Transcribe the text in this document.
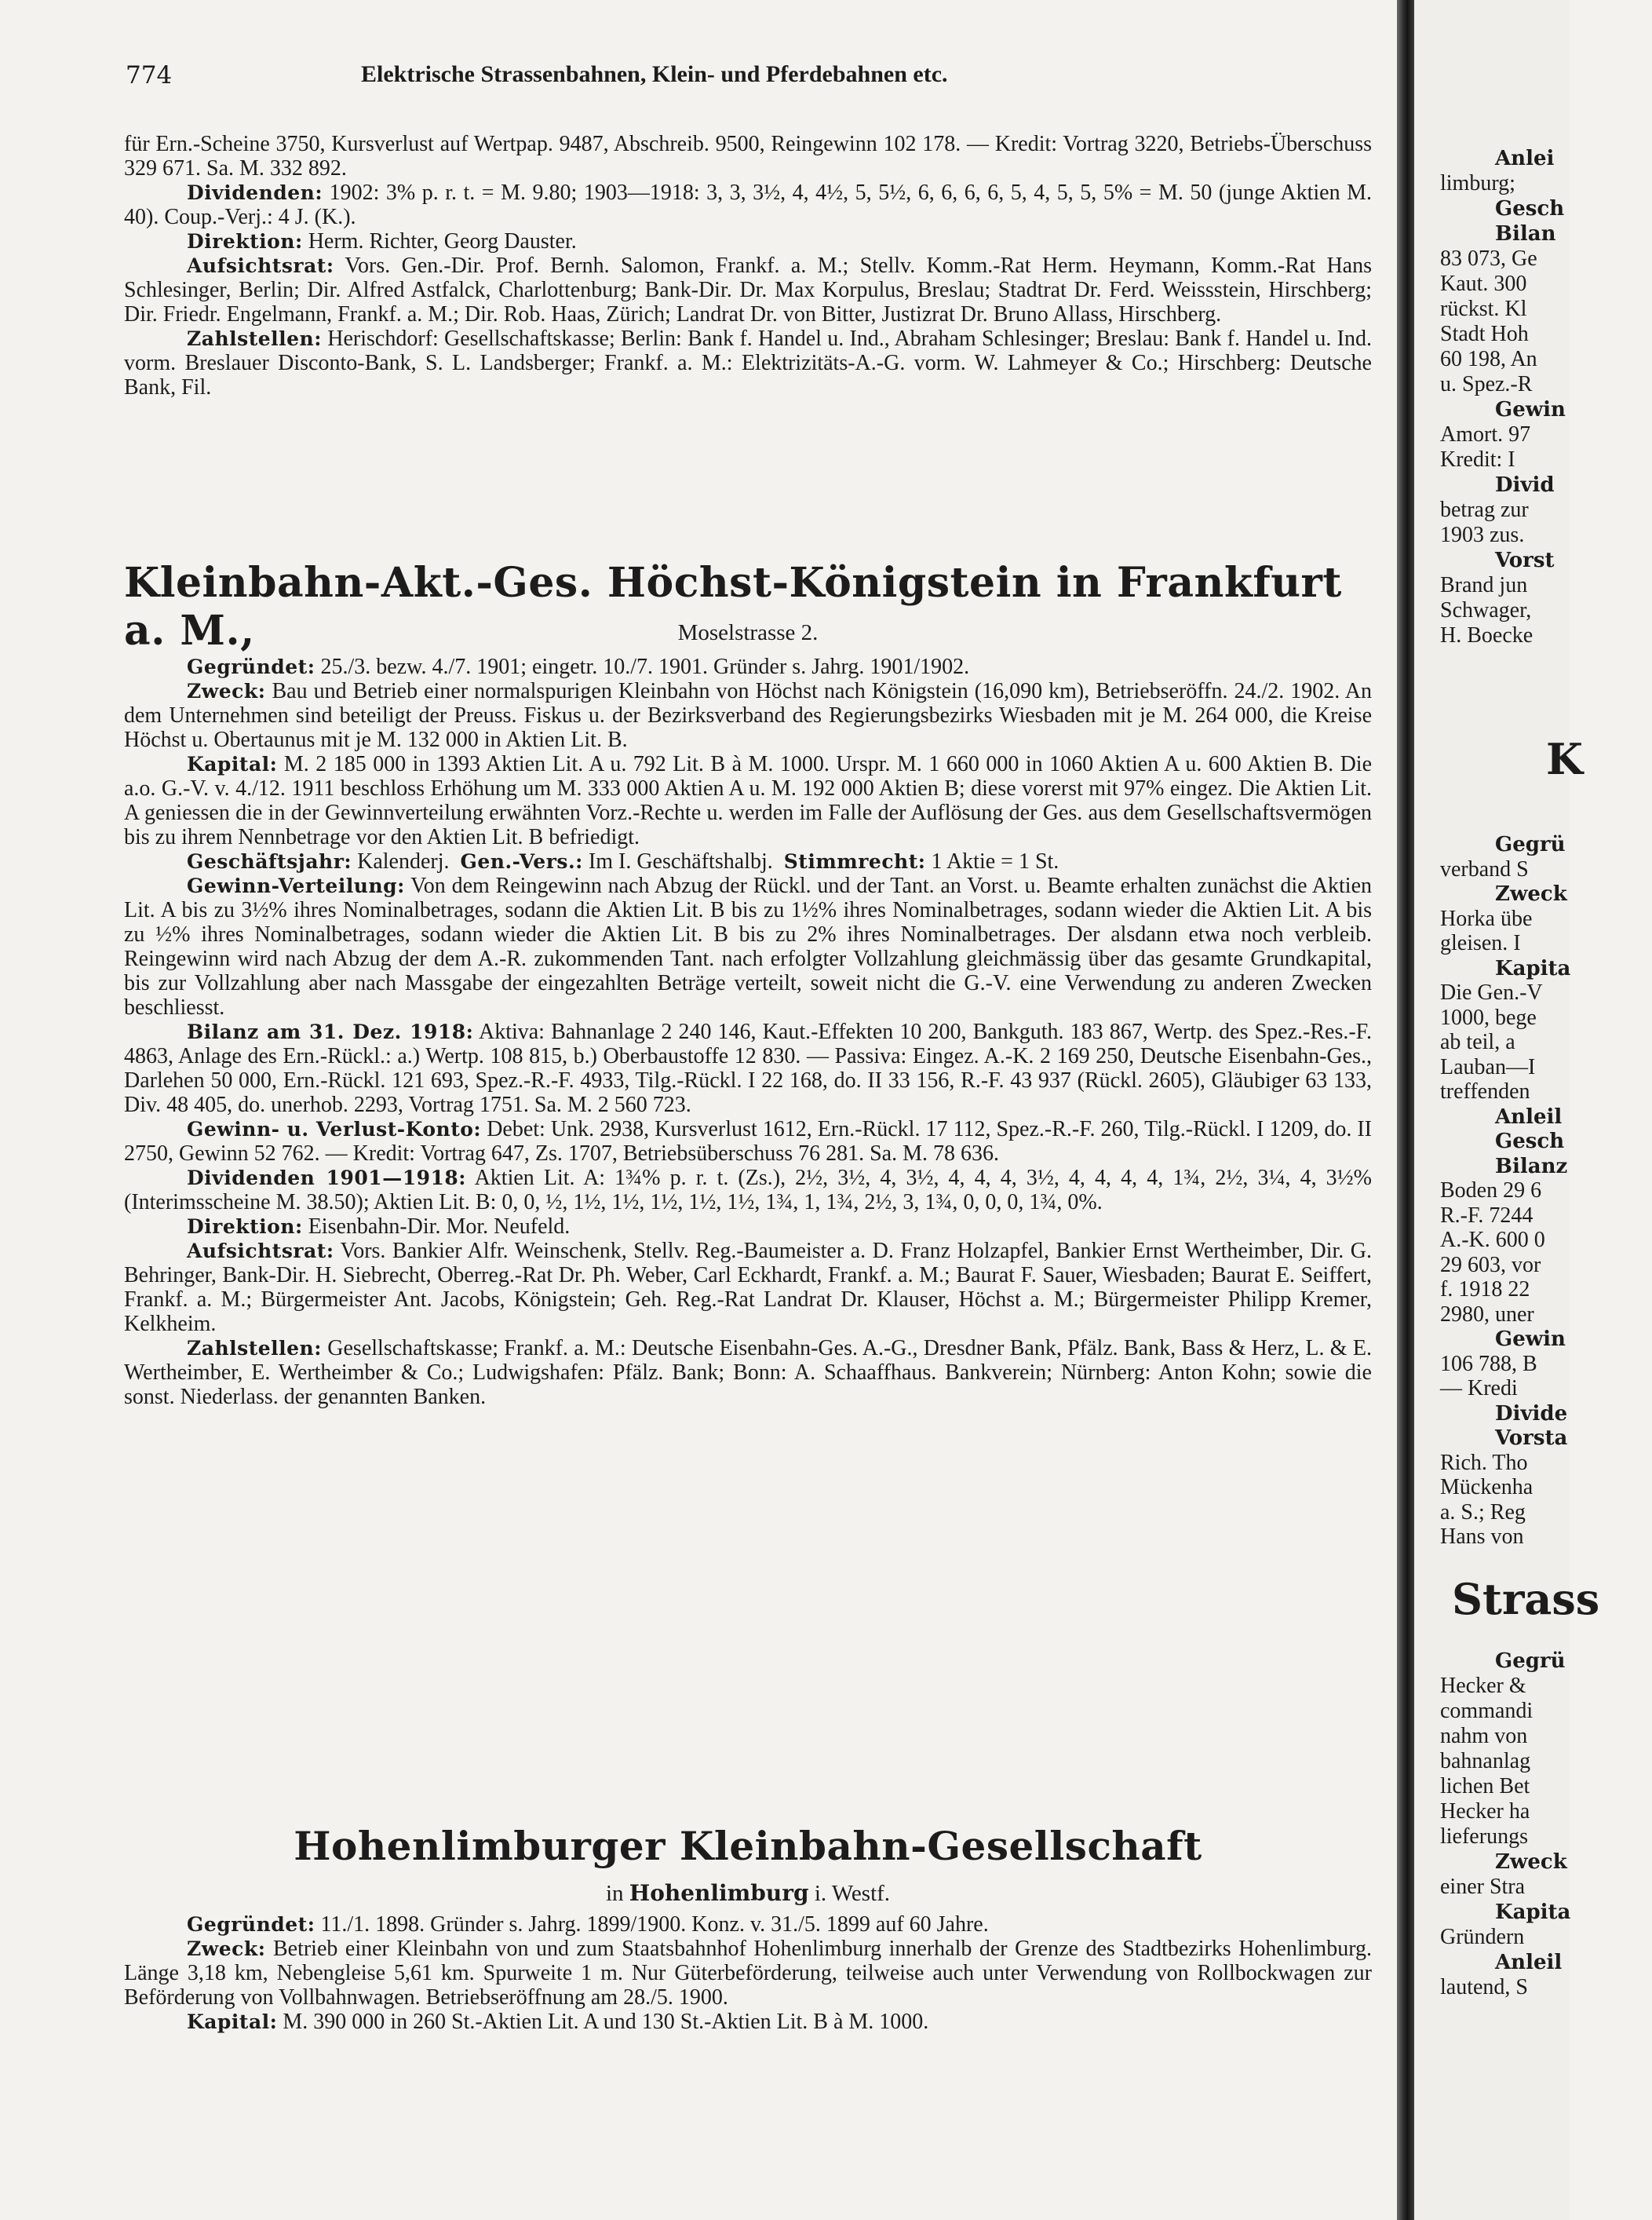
774	Elektrische Strassenbahnen, Klein- und Pferdebahnen etc.

für Ern.-Scheine 3750, Kursverlust auf Wertpap. 9487, Abschreib. 9500, Reingewinn 102 178. — Kredit: Vortrag 3220, Betriebs-Überschuss 329 671. Sa. M. 332 892.

Dividenden: 1902: 3% p. r. t. = M. 9.80; 1903—1918: 3, 3, 3½, 4, 4½, 5, 5½, 6, 6, 6, 6, 5, 4, 5, 5, 5% = M. 50 (junge Aktien M. 40). Coup.-Verj.: 4 J. (K.).

Direktion: Herm. Richter, Georg Dauster.

Aufsichtsrat: Vors. Gen.-Dir. Prof. Bernh. Salomon, Frankf. a. M.; Stellv. Komm.-Rat Herm. Heymann, Komm.-Rat Hans Schlesinger, Berlin; Dir. Alfred Astfalck, Charlottenburg; Bank-Dir. Dr. Max Korpulus, Breslau; Stadtrat Dr. Ferd. Weissstein, Hirschberg; Dir. Friedr. Engelmann, Frankf. a. M.; Dir. Rob. Haas, Zürich; Landrat Dr. von Bitter, Justizrat Dr. Bruno Allass, Hirschberg.

Zahlstellen: Herischdorf: Gesellschaftskasse; Berlin: Bank f. Handel u. Ind., Abraham Schlesinger; Breslau: Bank f. Handel u. Ind. vorm. Breslauer Disconto-Bank, S. L. Landsberger; Frankf. a. M.: Elektrizitäts-A.-G. vorm. W. Lahmeyer & Co.; Hirschberg: Deutsche Bank, Fil.

Kleinbahn-Akt.-Ges. Höchst-Königstein in Frankfurt a. M.,	Moselstrasse 2.

Gegründet: 25./3. bezw. 4./7. 1901; eingetr. 10./7. 1901. Gründer s. Jahrg. 1901/1902.

Zweck: Bau und Betrieb einer normalspurigen Kleinbahn von Höchst nach Königstein (16,090 km), Betriebseröffn. 24./2. 1902. An dem Unternehmen sind beteiligt der Preuss. Fiskus u. der Bezirksverband des Regierungsbezirks Wiesbaden mit je M. 264 000, die Kreise Höchst u. Obertaunus mit je M. 132 000 in Aktien Lit. B.

Kapital: M. 2 185 000 in 1393 Aktien Lit. A u. 792 Lit. B à M. 1000. Urspr. M. 1 660 000 in 1060 Aktien A u. 600 Aktien B. Die a.o. G.-V. v. 4./12. 1911 beschloss Erhöhung um M. 333 000 Aktien A u. M. 192 000 Aktien B; diese vorerst mit 97% eingez. Die Aktien Lit. A geniessen die in der Gewinnverteilung erwähnten Vorz.-Rechte u. werden im Falle der Auflösung der Ges. aus dem Gesellschaftsvermögen bis zu ihrem Nennbetrage vor den Aktien Lit. B befriedigt.

Geschäftsjahr: Kalenderj. Gen.-Vers.: Im I. Geschäftshalbj. Stimmrecht: 1 Aktie = 1 St.

Gewinn-Verteilung: Von dem Reingewinn nach Abzug der Rückl. und der Tant. an Vorst. u. Beamte erhalten zunächst die Aktien Lit. A bis zu 3½% ihres Nominalbetrages, sodann die Aktien Lit. B bis zu 1½% ihres Nominalbetrages, sodann wieder die Aktien Lit. A bis zu ½% ihres Nominalbetrages, sodann wieder die Aktien Lit. B bis zu 2% ihres Nominalbetrages. Der alsdann etwa noch verbleib. Reingewinn wird nach Abzug der dem A.-R. zukommenden Tant. nach erfolgter Vollzahlung gleichmässig über das gesamte Grundkapital, bis zur Vollzahlung aber nach Massgabe der eingezahlten Beträge verteilt, soweit nicht die G.-V. eine Verwendung zu anderen Zwecken beschliesst.

Bilanz am 31. Dez. 1918: Aktiva: Bahnanlage 2 240 146, Kaut.-Effekten 10 200, Bankguth. 183 867, Wertp. des Spez.-Res.-F. 4863, Anlage des Ern.-Rückl.: a.) Wertp. 108 815, b.) Oberbaustoffe 12 830. — Passiva: Eingez. A.-K. 2 169 250, Deutsche Eisenbahn-Ges., Darlehen 50 000, Ern.-Rückl. 121 693, Spez.-R.-F. 4933, Tilg.-Rückl. I 22 168, do. II 33 156, R.-F. 43 937 (Rückl. 2605), Gläubiger 63 133, Div. 48 405, do. unerhob. 2293, Vortrag 1751. Sa. M. 2 560 723.

Gewinn- u. Verlust-Konto: Debet: Unk. 2938, Kursverlust 1612, Ern.-Rückl. 17 112, Spez.-R.-F. 260, Tilg.-Rückl. I 1209, do. II 2750, Gewinn 52 762. — Kredit: Vortrag 647, Zs. 1707, Betriebsüberschuss 76 281. Sa. M. 78 636.

Dividenden 1901—1918: Aktien Lit. A: 1¾% p. r. t. (Zs.), 2½, 3½, 4, 3½, 4, 4, 4, 3½, 4, 4, 4, 4, 1¾, 2½, 3¼, 4, 3½% (Interimsscheine M. 38.50); Aktien Lit. B: 0, 0, ½, 1½, 1½, 1½, 1½, 1½, 1¾, 1, 1¾, 2½, 3, 1¾, 0, 0, 0, 1¾, 0%.

Direktion: Eisenbahn-Dir. Mor. Neufeld.

Aufsichtsrat: Vors. Bankier Alfr. Weinschenk, Stellv. Reg.-Baumeister a. D. Franz Holzapfel, Bankier Ernst Wertheimber, Dir. G. Behringer, Bank-Dir. H. Siebrecht, Oberreg.-Rat Dr. Ph. Weber, Carl Eckhardt, Frankf. a. M.; Baurat F. Sauer, Wiesbaden; Baurat E. Seiffert, Frankf. a. M.; Bürgermeister Ant. Jacobs, Königstein; Geh. Reg.-Rat Landrat Dr. Klauser, Höchst a. M.; Bürgermeister Philipp Kremer, Kelkheim.

Zahlstellen: Gesellschaftskasse; Frankf. a. M.: Deutsche Eisenbahn-Ges. A.-G., Dresdner Bank, Pfälz. Bank, Bass & Herz, L. & E. Wertheimber, E. Wertheimber & Co.; Ludwigshafen: Pfälz. Bank; Bonn: A. Schaaffhaus. Bankverein; Nürnberg: Anton Kohn; sowie die sonst. Niederlass. der genannten Banken.

Hohenlimburger Kleinbahn-Gesellschaft
in Hohenlimburg i. Westf.

Gegründet: 11./1. 1898. Gründer s. Jahrg. 1899/1900. Konz. v. 31./5. 1899 auf 60 Jahre.

Zweck: Betrieb einer Kleinbahn von und zum Staatsbahnhof Hohenlimburg innerhalb der Grenze des Stadtbezirks Hohenlimburg. Länge 3,18 km, Nebengleise 5,61 km. Spurweite 1 m. Nur Güterbeförderung, teilweise auch unter Verwendung von Rollbockwagen zur Beförderung von Vollbahnwagen. Betriebseröffnung am 28./5. 1900.

Kapital: M. 390 000 in 260 St.-Aktien Lit. A und 130 St.-Aktien Lit. B à M. 1000.

Anlei
limburg;
Gesch
Bilan
83 073, Ge
Kaut. 300
rückst. Kl
Stadt Hoh
60 198, An
u. Spez.-R
Gewin
Amort. 97
Kredit: I
Divid
betrag zur
1903 zus.
Vorst
Brand jun
Schwager,
H. Boecke
K
Gegrü
verband S
Zweck
Horka übe
gleisen. I
Kapita
Die Gen.-V
1000, bege
ab teil, a
Lauban—I
treffenden
Anleil
Gesch
Bilanz
Boden 29 6
R.-F. 7244
A.-K. 600 0
29 603, vor
f. 1918 22
2980, uner
Gewin
106 788, B
— Kredi
Divide
Vorsta
Rich. Tho
Mückenha
a. S.; Reg
Hans von
Strass
Gegrü
Hecker &
commandi
nahm von
bahnanlag
lichen Bet
Hecker ha
lieferungs
Zweck
einer Stra
Kapita
Gründern
Anleil
lautend, S
